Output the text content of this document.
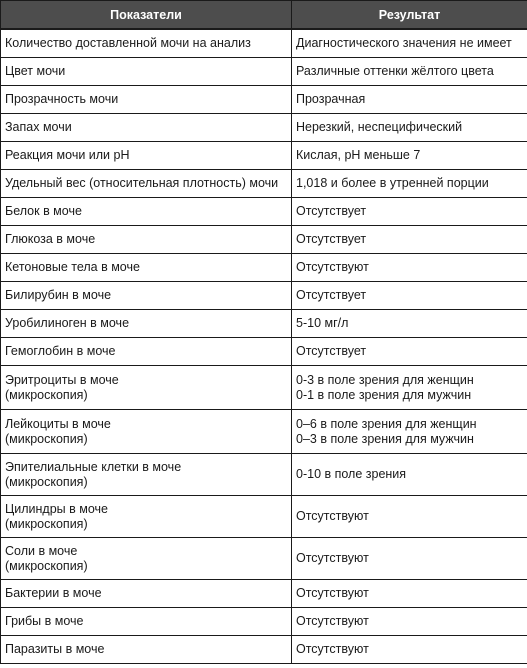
Показатели	Результат

Количество доставленной мочи на анализ	Диагностического значения не имеет

Цвет мочи	Различные оттенки жёлтого цвета

Прозрачность мочи	Прозрачная

Запах мочи	Нерезкий, неспецифический

Реакция мочи или pH	Кислая, pH меньше 7

Удельный вес (относительная плотность) мочи	1,018 и более в утренней порции

Белок в моче	Отсутствует

Глюкоза в моче	Отсутствует

Кетоновые тела в моче	Отсутствуют

Билирубин в моче	Отсутствует

Уробилиноген в моче	5-10 мг/л

Гемоглобин в моче	Отсутствует

Эритроциты в моче
(микроскопия)	0-3 в поле зрения для женщин
0-1 в поле зрения для мужчин

Лейкоциты в моче
(микроскопия)	0–6 в поле зрения для женщин
0–3 в поле зрения для мужчин

Эпителиальные клетки в моче
(микроскопия)	0-10 в поле зрения

Цилиндры в моче
(микроскопия)	Отсутствуют

Соли в моче
(микроскопия)	Отсутствуют

Бактерии в моче	Отсутствуют

Грибы в моче	Отсутствуют

Паразиты в моче	Отсутствуют
